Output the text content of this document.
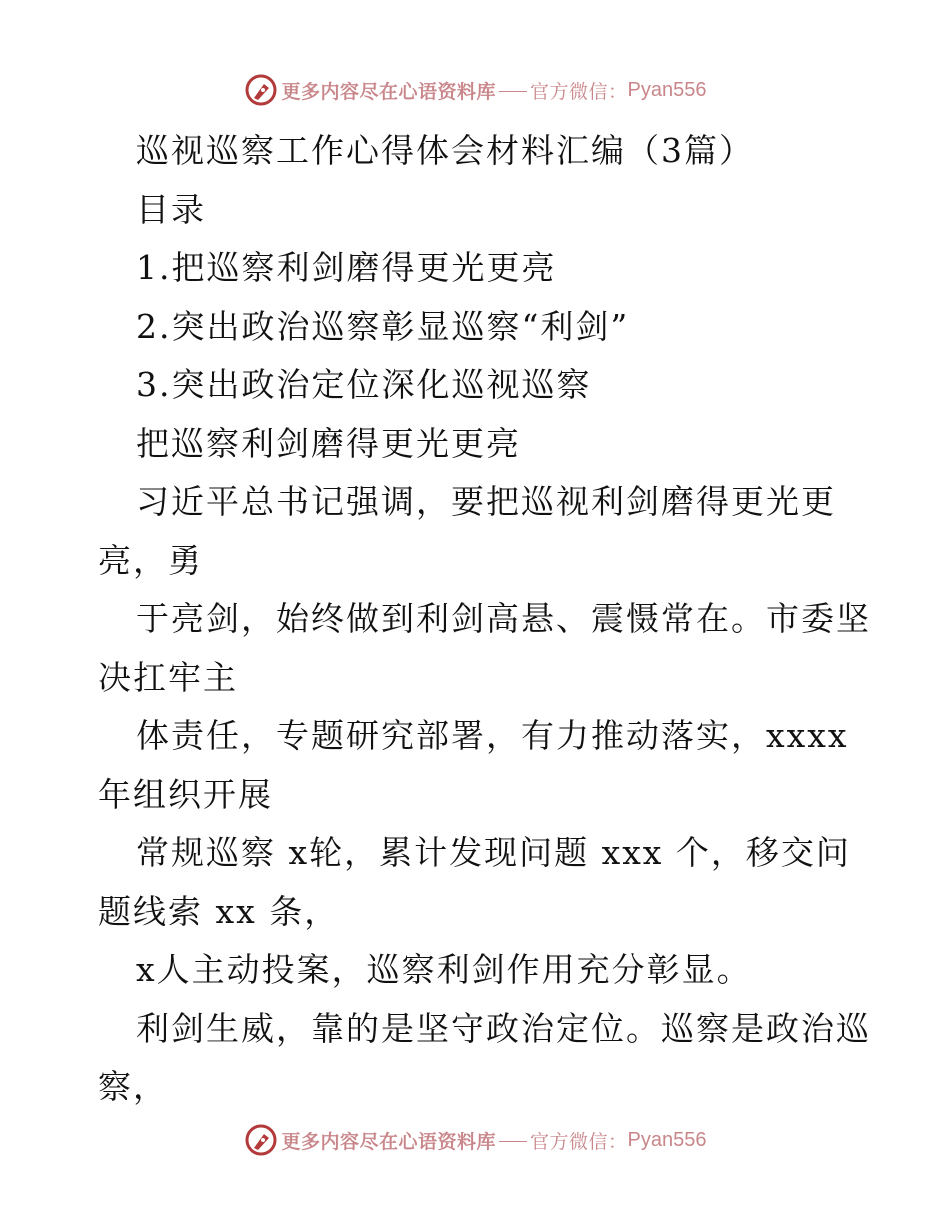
更多内容尽在心语资料库 官方微信： Pyan556
巡视巡察工作心得体会材料汇编（3篇）
目录
1.把巡察利剑磨得更光更亮
2.突出政治巡察彰显巡察“利剑”
3.突出政治定位深化巡视巡察
把巡察利剑磨得更光更亮
习近平总书记强调，要把巡视利剑磨得更光更
亮，勇
于亮剑，始终做到利剑高悬、震慑常在。市委坚
决扛牢主
体责任，专题研究部署，有力推动落实，xxxx
年组织开展
常规巡察 x轮，累计发现问题 xxx 个，移交问
题线索 xx 条，
x人主动投案，巡察利剑作用充分彰显。
利剑生威，靠的是坚守政治定位。巡察是政治巡
察，
更多内容尽在心语资料库 官方微信： Pyan556
